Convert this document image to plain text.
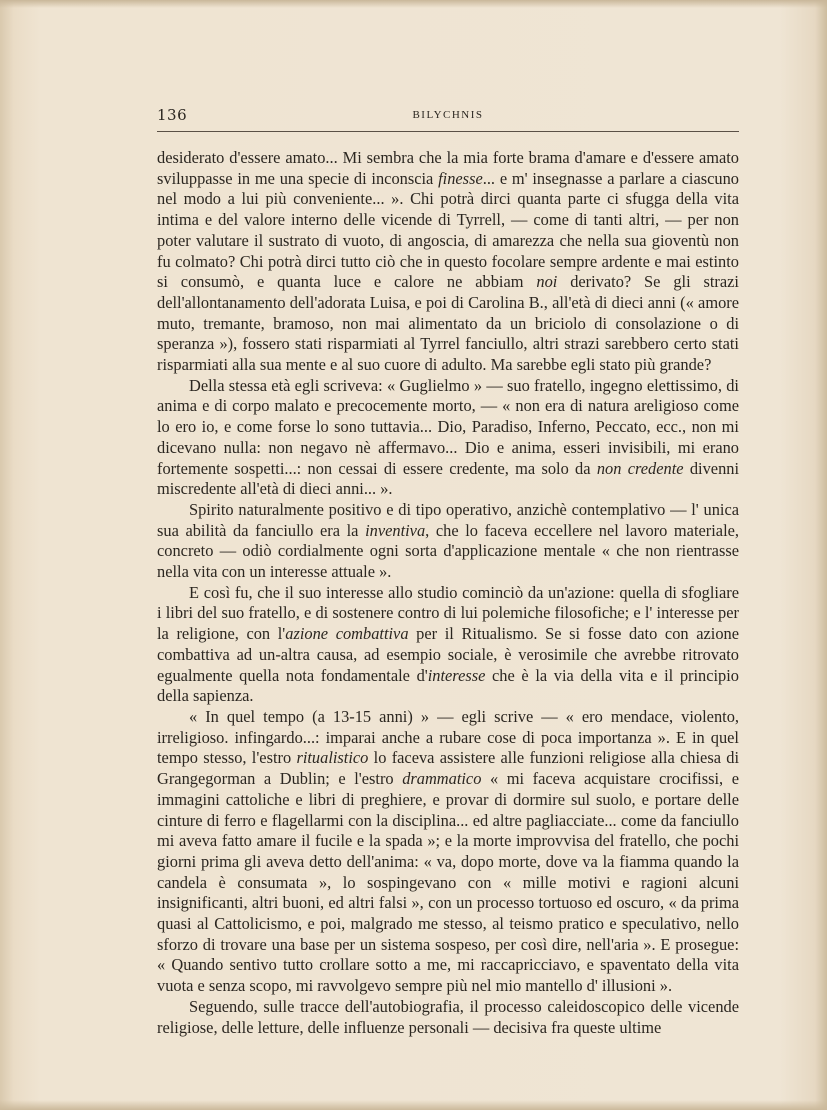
136	BILYCHNIS

desiderato d'essere amato... Mi sembra che la mia forte brama d'amare e d'essere amato sviluppasse in me una specie di inconscia finesse... e m' insegnasse a parlare a ciascuno nel modo a lui più conveniente... ». Chi potrà dirci quanta parte ci sfugga della vita intima e del valore interno delle vicende di Tyrrell, — come di tanti altri, — per non poter valutare il sustrato di vuoto, di angoscia, di amarezza che nella sua gioventù non fu colmato? Chi potrà dirci tutto ciò che in questo focolare sempre ardente e mai estinto si consumò, e quanta luce e calore ne abbiam noi derivato? Se gli strazi dell'allontanamento dell'adorata Luisa, e poi di Carolina B., all'età di dieci anni (« amore muto, tremante, bramoso, non mai alimentato da un briciolo di consolazione o di speranza »), fossero stati risparmiati al Tyrrel fanciullo, altri strazi sarebbero certo stati risparmiati alla sua mente e al suo cuore di adulto. Ma sarebbe egli stato più grande?

Della stessa età egli scriveva: « Guglielmo » — suo fratello, ingegno elettissimo, di anima e di corpo malato e precocemente morto, — « non era di natura areligioso come lo ero io, e come forse lo sono tuttavia... Dio, Paradiso, Inferno, Peccato, ecc., non mi dicevano nulla: non negavo nè affermavo... Dio e anima, esseri invisibili, mi erano fortemente sospetti...: non cessai di essere credente, ma solo da non credente divenni miscredente all'età di dieci anni... ».

Spirito naturalmente positivo e di tipo operativo, anzichè contemplativo — l' unica sua abilità da fanciullo era la inventiva, che lo faceva eccellere nel lavoro materiale, concreto — odiò cordialmente ogni sorta d'applicazione mentale « che non rientrasse nella vita con un interesse attuale ».

E così fu, che il suo interesse allo studio cominciò da un'azione: quella di sfogliare i libri del suo fratello, e di sostenere contro di lui polemiche filosofiche; e l' interesse per la religione, con l'azione combattiva per il Ritualismo. Se si fosse dato con azione combattiva ad un-altra causa, ad esempio sociale, è verosimile che avrebbe ritrovato egualmente quella nota fondamentale d'interesse che è la via della vita e il principio della sapienza.

« In quel tempo (a 13-15 anni) » — egli scrive — « ero mendace, violento, irreligioso. infingardo...: imparai anche a rubare cose di poca importanza ». E in quel tempo stesso, l'estro ritualistico lo faceva assistere alle funzioni religiose alla chiesa di Grangegorman a Dublin; e l'estro drammatico « mi faceva acquistare crocifissi, e immagini cattoliche e libri di preghiere, e provar di dormire sul suolo, e portare delle cinture di ferro e flagellarmi con la disciplina... ed altre pagliacciate... come da fanciullo mi aveva fatto amare il fucile e la spada »; e la morte improvvisa del fratello, che pochi giorni prima gli aveva detto dell'anima: « va, dopo morte, dove va la fiamma quando la candela è consumata », lo sospingevano con « mille motivi e ragioni alcuni insignificanti, altri buoni, ed altri falsi », con un processo tortuoso ed oscuro, « da prima quasi al Cattolicismo, e poi, malgrado me stesso, al teismo pratico e speculativo, nello sforzo di trovare una base per un sistema sospeso, per così dire, nell'aria ». E prosegue: « Quando sentivo tutto crollare sotto a me, mi raccapricciavo, e spaventato della vita vuota e senza scopo, mi ravvolgevo sempre più nel mio mantello d' illusioni ».

Seguendo, sulle tracce dell'autobiografia, il processo caleidoscopico delle vicende religiose, delle letture, delle influenze personali — decisiva fra queste ultime
